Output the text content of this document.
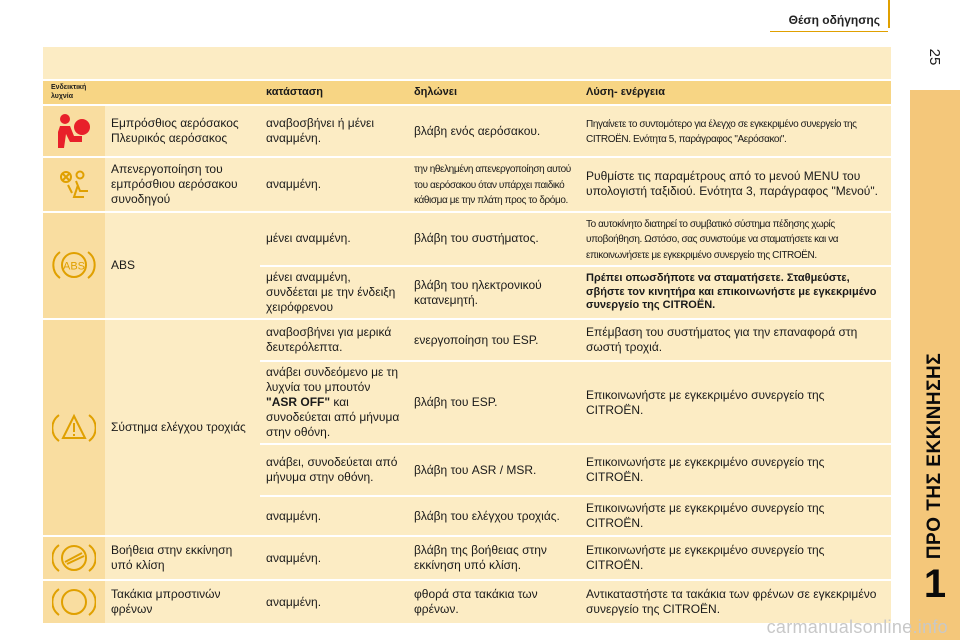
Θέση οδήγησης
25
ΠΡΟ ΤΗΣ ΕΚΚΙΝΗΣΗΣ
1

Ενδεικτική λυχνία		κατάσταση	δηλώνει	Λύση- ενέργεια

	Εμπρόσθιος αερόσακος Πλευρικός αερόσακος	αναβοσβήνει ή μένει αναμμένη.	βλάβη ενός αερόσακου.	Πηγαίνετε το συντομότερο για έλεγχο σε εγκεκριμένο συνεργείο της CITROËN. Ενότητα 5, παράγραφος "Αερόσακοι".

	Απενεργοποίηση του εμπρόσθιου αερόσακου συνοδηγού	αναμμένη.	την ηθελημένη απενεργοποίηση αυτού του αερόσακου όταν υπάρχει παιδικό κάθισμα με την πλάτη προς το δρόμο.	Ρυθμίστε τις παραμέτρους από το μενού MENU του υπολογιστή ταξιδιού. Ενότητα 3, παράγραφος "Μενού".

ABS	ABS	μένει αναμμένη.	βλάβη του συστήματος.	Το αυτοκίνητο διατηρεί το συμβατικό σύστημα πέδησης χωρίς υποβοήθηση. Ωστόσο, σας συνιστούμε να σταματήσετε και να επικοινωνήσετε με εγκεκριμένο συνεργείο της CITROËN.
		μένει αναμμένη, συνδέεται με την ένδειξη χειρόφρενου	βλάβη του ηλεκτρονικού κατανεμητή.	Πρέπει οπωσδήποτε να σταματήσετε. Σταθμεύστε, σβήστε τον κινητήρα και επικοινωνήστε με εγκεκριμένο συνεργείο της CITROËN.

	Σύστημα ελέγχου τροχιάς	αναβοσβήνει για μερικά δευτερόλεπτα.	ενεργοποίηση του ESP.	Επέμβαση του συστήματος για την επαναφορά στη σωστή τροχιά.
		ανάβει συνδεόμενο με τη λυχνία του μπουτόν "ASR OFF" και συνοδεύεται από μήνυμα στην οθόνη.	βλάβη του ESP.	Επικοινωνήστε με εγκεκριμένο συνεργείο της CITROËN.
		ανάβει, συνοδεύεται από μήνυμα στην οθόνη.	βλάβη του ASR / MSR.	Επικοινωνήστε με εγκεκριμένο συνεργείο της CITROËN.
		αναμμένη.	βλάβη του ελέγχου τροχιάς.	Επικοινωνήστε με εγκεκριμένο συνεργείο της CITROËN.

	Βοήθεια στην εκκίνηση υπό κλίση	αναμμένη.	βλάβη της βοήθειας στην εκκίνηση υπό κλίση.	Επικοινωνήστε με εγκεκριμένο συνεργείο της CITROËN.

	Τακάκια μπροστινών φρένων	αναμμένη.	φθορά στα τακάκια των φρένων.	Αντικαταστήστε τα τακάκια των φρένων σε εγκεκριμένο συνεργείο της CITROËN.
carmanualsonline.info
